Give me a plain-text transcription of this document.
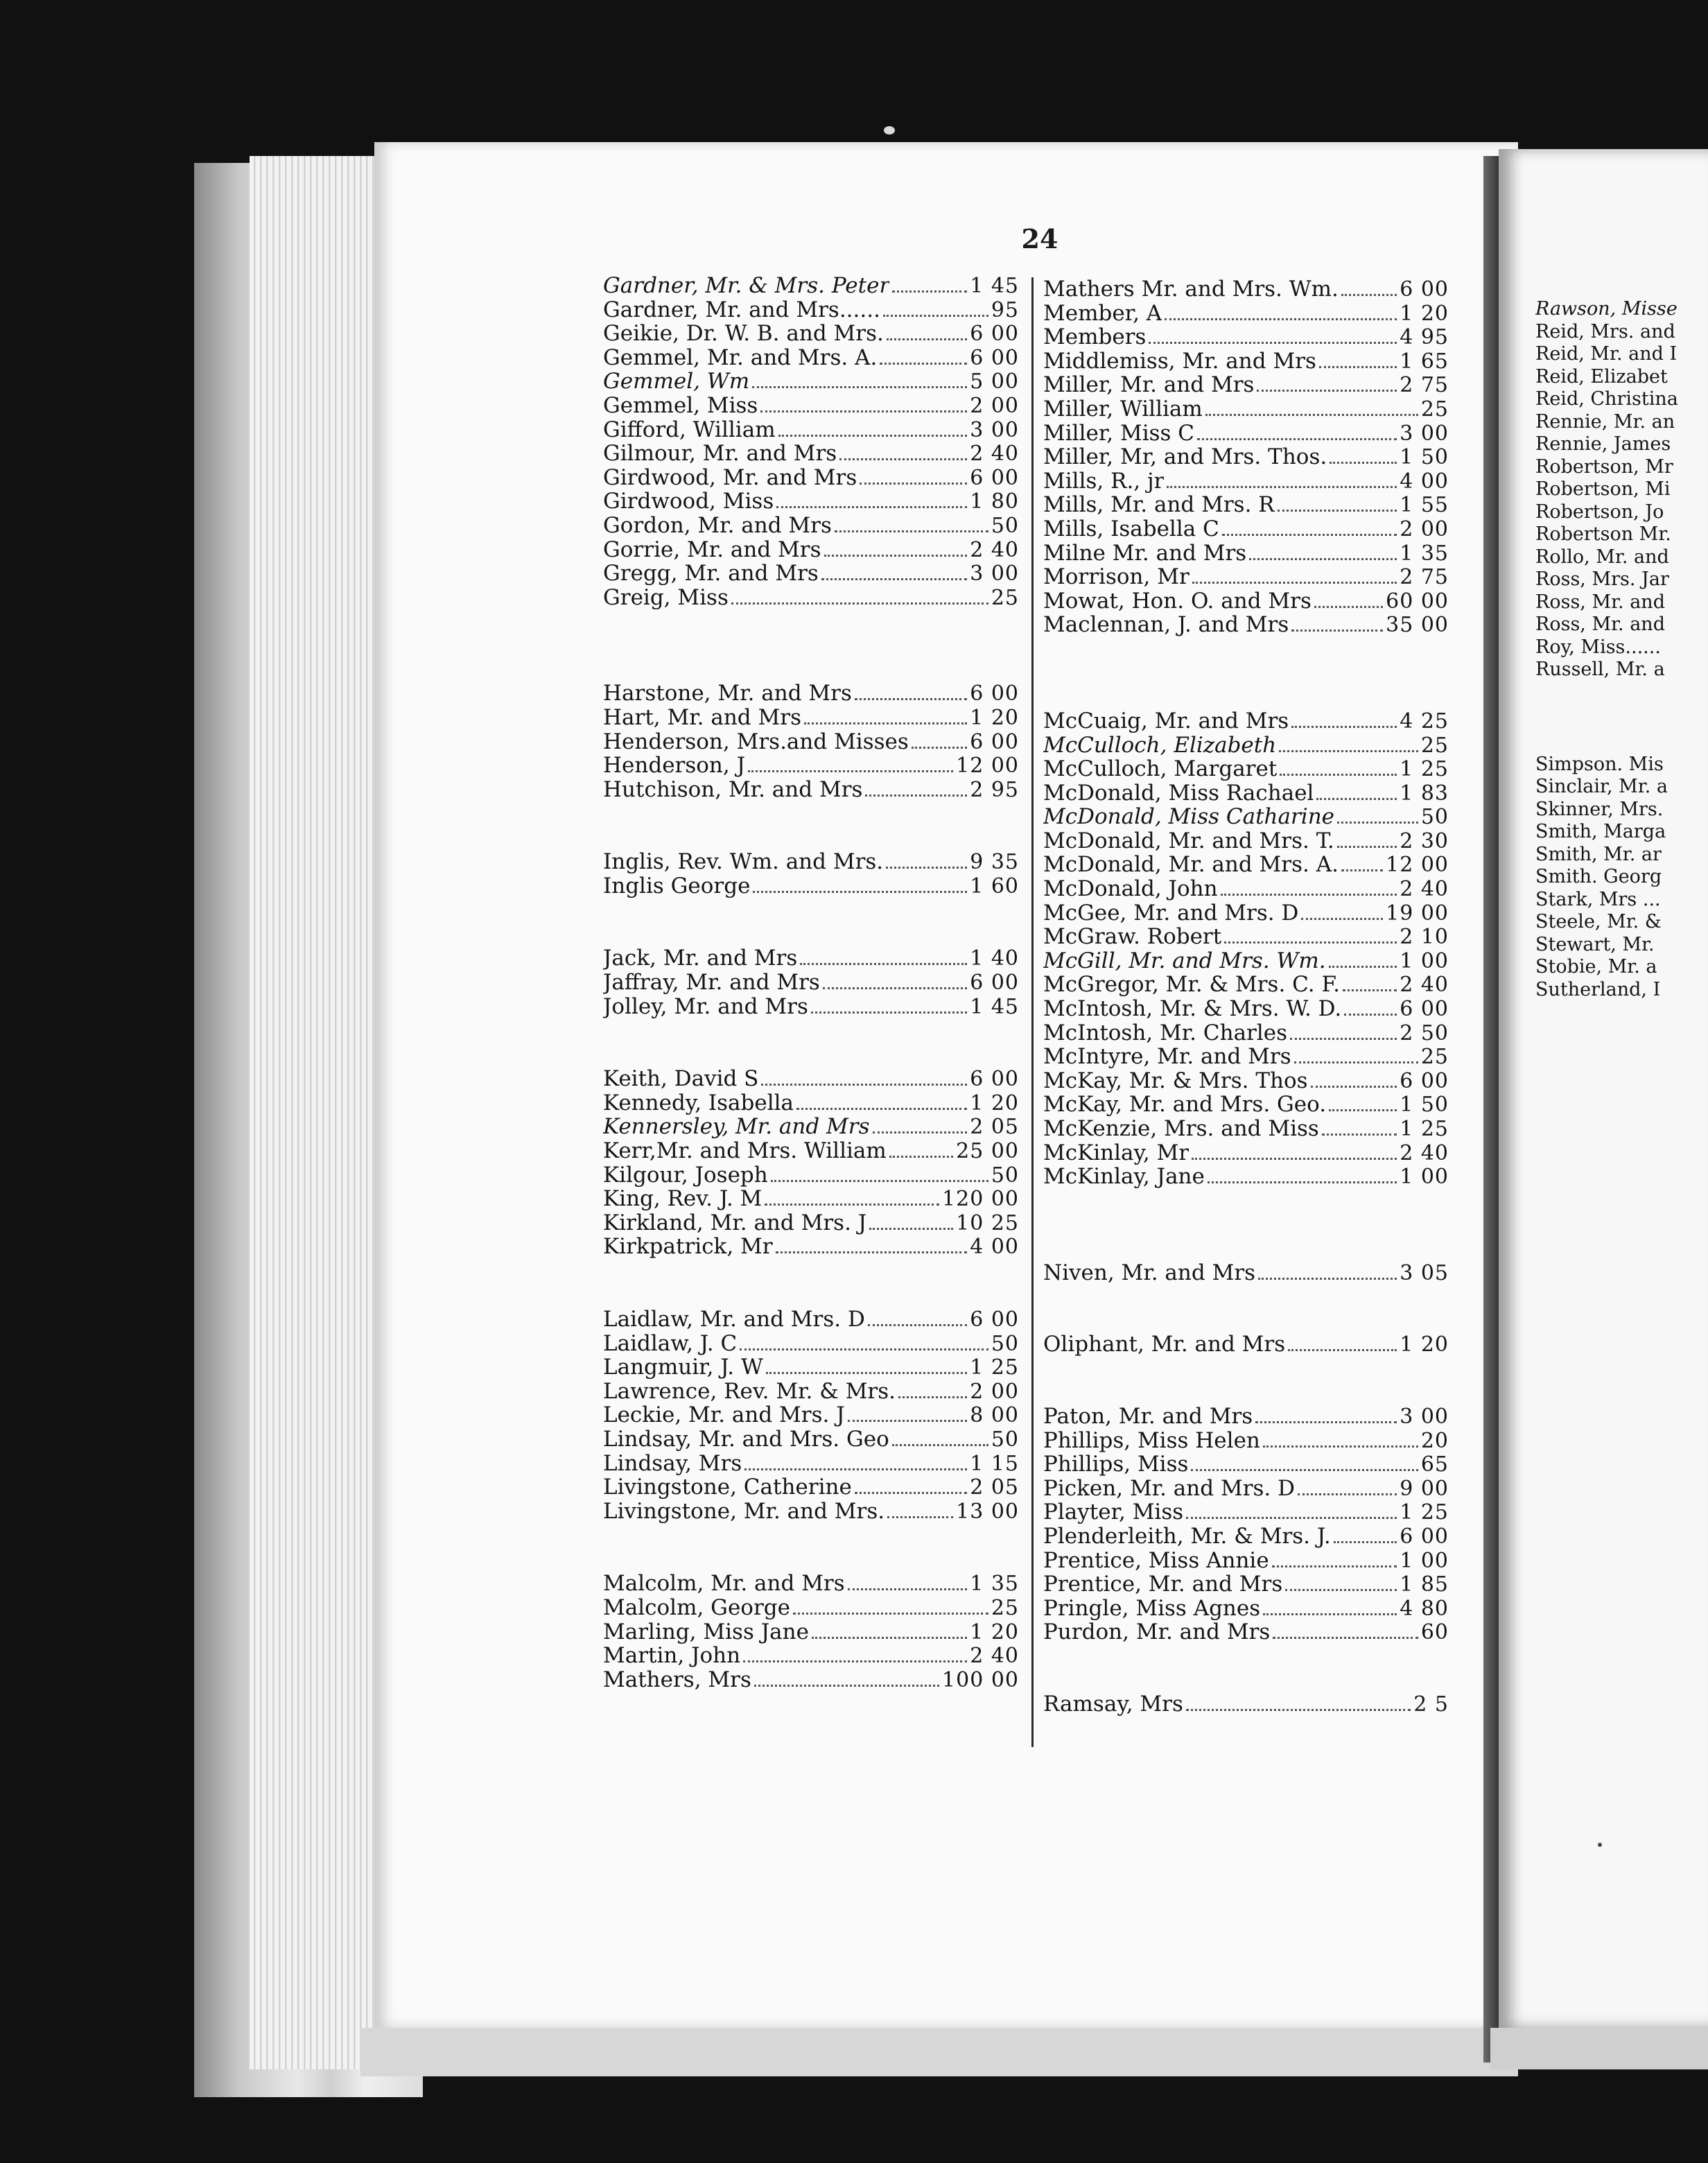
24
Gardner, Mr. & Mrs. Peter	1 45
Gardner, Mr. and Mrs......	95
Geikie, Dr. W. B. and Mrs.	6 00
Gemmel, Mr. and Mrs. A.	6 00
Gemmel, Wm	5 00
Gemmel, Miss	2 00
Gifford, William	3 00
Gilmour, Mr. and Mrs	2 40
Girdwood, Mr. and Mrs	6 00
Girdwood, Miss	1 80
Gordon, Mr. and Mrs	50
Gorrie, Mr. and Mrs	2 40
Gregg, Mr. and Mrs	3 00
Greig, Miss	25
Harstone, Mr. and Mrs	6 00
Hart, Mr. and Mrs	1 20
Henderson, Mrs.and Misses	6 00
Henderson, J	12 00
Hutchison, Mr. and Mrs	2 95
Inglis, Rev. Wm. and Mrs.	9 35
Inglis George	1 60
Jack, Mr. and Mrs	1 40
Jaffray, Mr. and Mrs	6 00
Jolley, Mr. and Mrs	1 45
Keith, David S	6 00
Kennedy, Isabella	1 20
Kennersley, Mr. and Mrs	2 05
Kerr,Mr. and Mrs. William	25 00
Kilgour, Joseph	50
King, Rev. J. M	120 00
Kirkland, Mr. and Mrs. J	10 25
Kirkpatrick, Mr	4 00
Laidlaw, Mr. and Mrs. D	6 00
Laidlaw, J. C	50
Langmuir, J. W	1 25
Lawrence, Rev. Mr. & Mrs.	2 00
Leckie, Mr. and Mrs. J	8 00
Lindsay, Mr. and Mrs. Geo	50
Lindsay, Mrs	1 15
Livingstone, Catherine	2 05
Livingstone, Mr. and Mrs.	13 00
Malcolm, Mr. and Mrs	1 35
Malcolm, George	25
Marling, Miss Jane	1 20
Martin, John	2 40
Mathers, Mrs	100 00
Mathers Mr. and Mrs. Wm.	6 00
Member, A	1 20
Members	4 95
Middlemiss, Mr. and Mrs	1 65
Miller, Mr. and Mrs	2 75
Miller, William	25
Miller, Miss C	3 00
Miller, Mr, and Mrs. Thos.	1 50
Mills, R., jr	4 00
Mills, Mr. and Mrs. R	1 55
Mills, Isabella C	2 00
Milne Mr. and Mrs	1 35
Morrison, Mr	2 75
Mowat, Hon. O. and Mrs	60 00
Maclennan, J. and Mrs	35 00
McCuaig, Mr. and Mrs	4 25
McCulloch, Elizabeth	25
McCulloch, Margaret	1 25
McDonald, Miss Rachael	1 83
McDonald, Miss Catharine	50
McDonald, Mr. and Mrs. T.	2 30
McDonald, Mr. and Mrs. A. 12 00
McDonald, John	2 40
McGee, Mr. and Mrs. D	19 00
McGraw. Robert	2 10
McGill, Mr. and Mrs. Wm.	1 00
McGregor, Mr. & Mrs. C. F.	2 40
McIntosh, Mr. & Mrs. W. D.	6 00
McIntosh, Mr. Charles	2 50
McIntyre, Mr. and Mrs	25
McKay, Mr. & Mrs. Thos	6 00
McKay, Mr. and Mrs. Geo.	1 50
McKenzie, Mrs. and Miss	1 25
McKinlay, Mr	2 40
McKinlay, Jane	1 00
Niven, Mr. and Mrs	3 05
Oliphant, Mr. and Mrs	1 20
Paton, Mr. and Mrs	3 00
Phillips, Miss Helen	20
Phillips, Miss	65
Picken, Mr. and Mrs. D	9 00
Playter, Miss	1 25
Plenderleith, Mr. & Mrs. J.	6 00
Prentice, Miss Annie	1 00
Prentice, Mr. and Mrs	1 85
Pringle, Miss Agnes	4 80
Purdon, Mr. and Mrs	60
Ramsay, Mrs	2 5
Rawson, Misse
Reid, Mrs. and
Reid, Mr. and I
Reid, Elizabet
Reid, Christina
Rennie, Mr. an
Rennie, James
Robertson, Mr
Robertson, Mi
Robertson, Jo
Robertson Mr.
Rollo, Mr. and
Ross, Mrs. Jar
Ross, Mr. and
Ross, Mr. and
Roy, Miss......
Russell, Mr. a
Simpson. Mis
Sinclair, Mr. a
Skinner, Mrs.
Smith, Marga
Smith, Mr. ar
Smith. Georg
Stark, Mrs ...
Steele, Mr. &
Stewart, Mr.
Stobie, Mr. a
Sutherland, I
